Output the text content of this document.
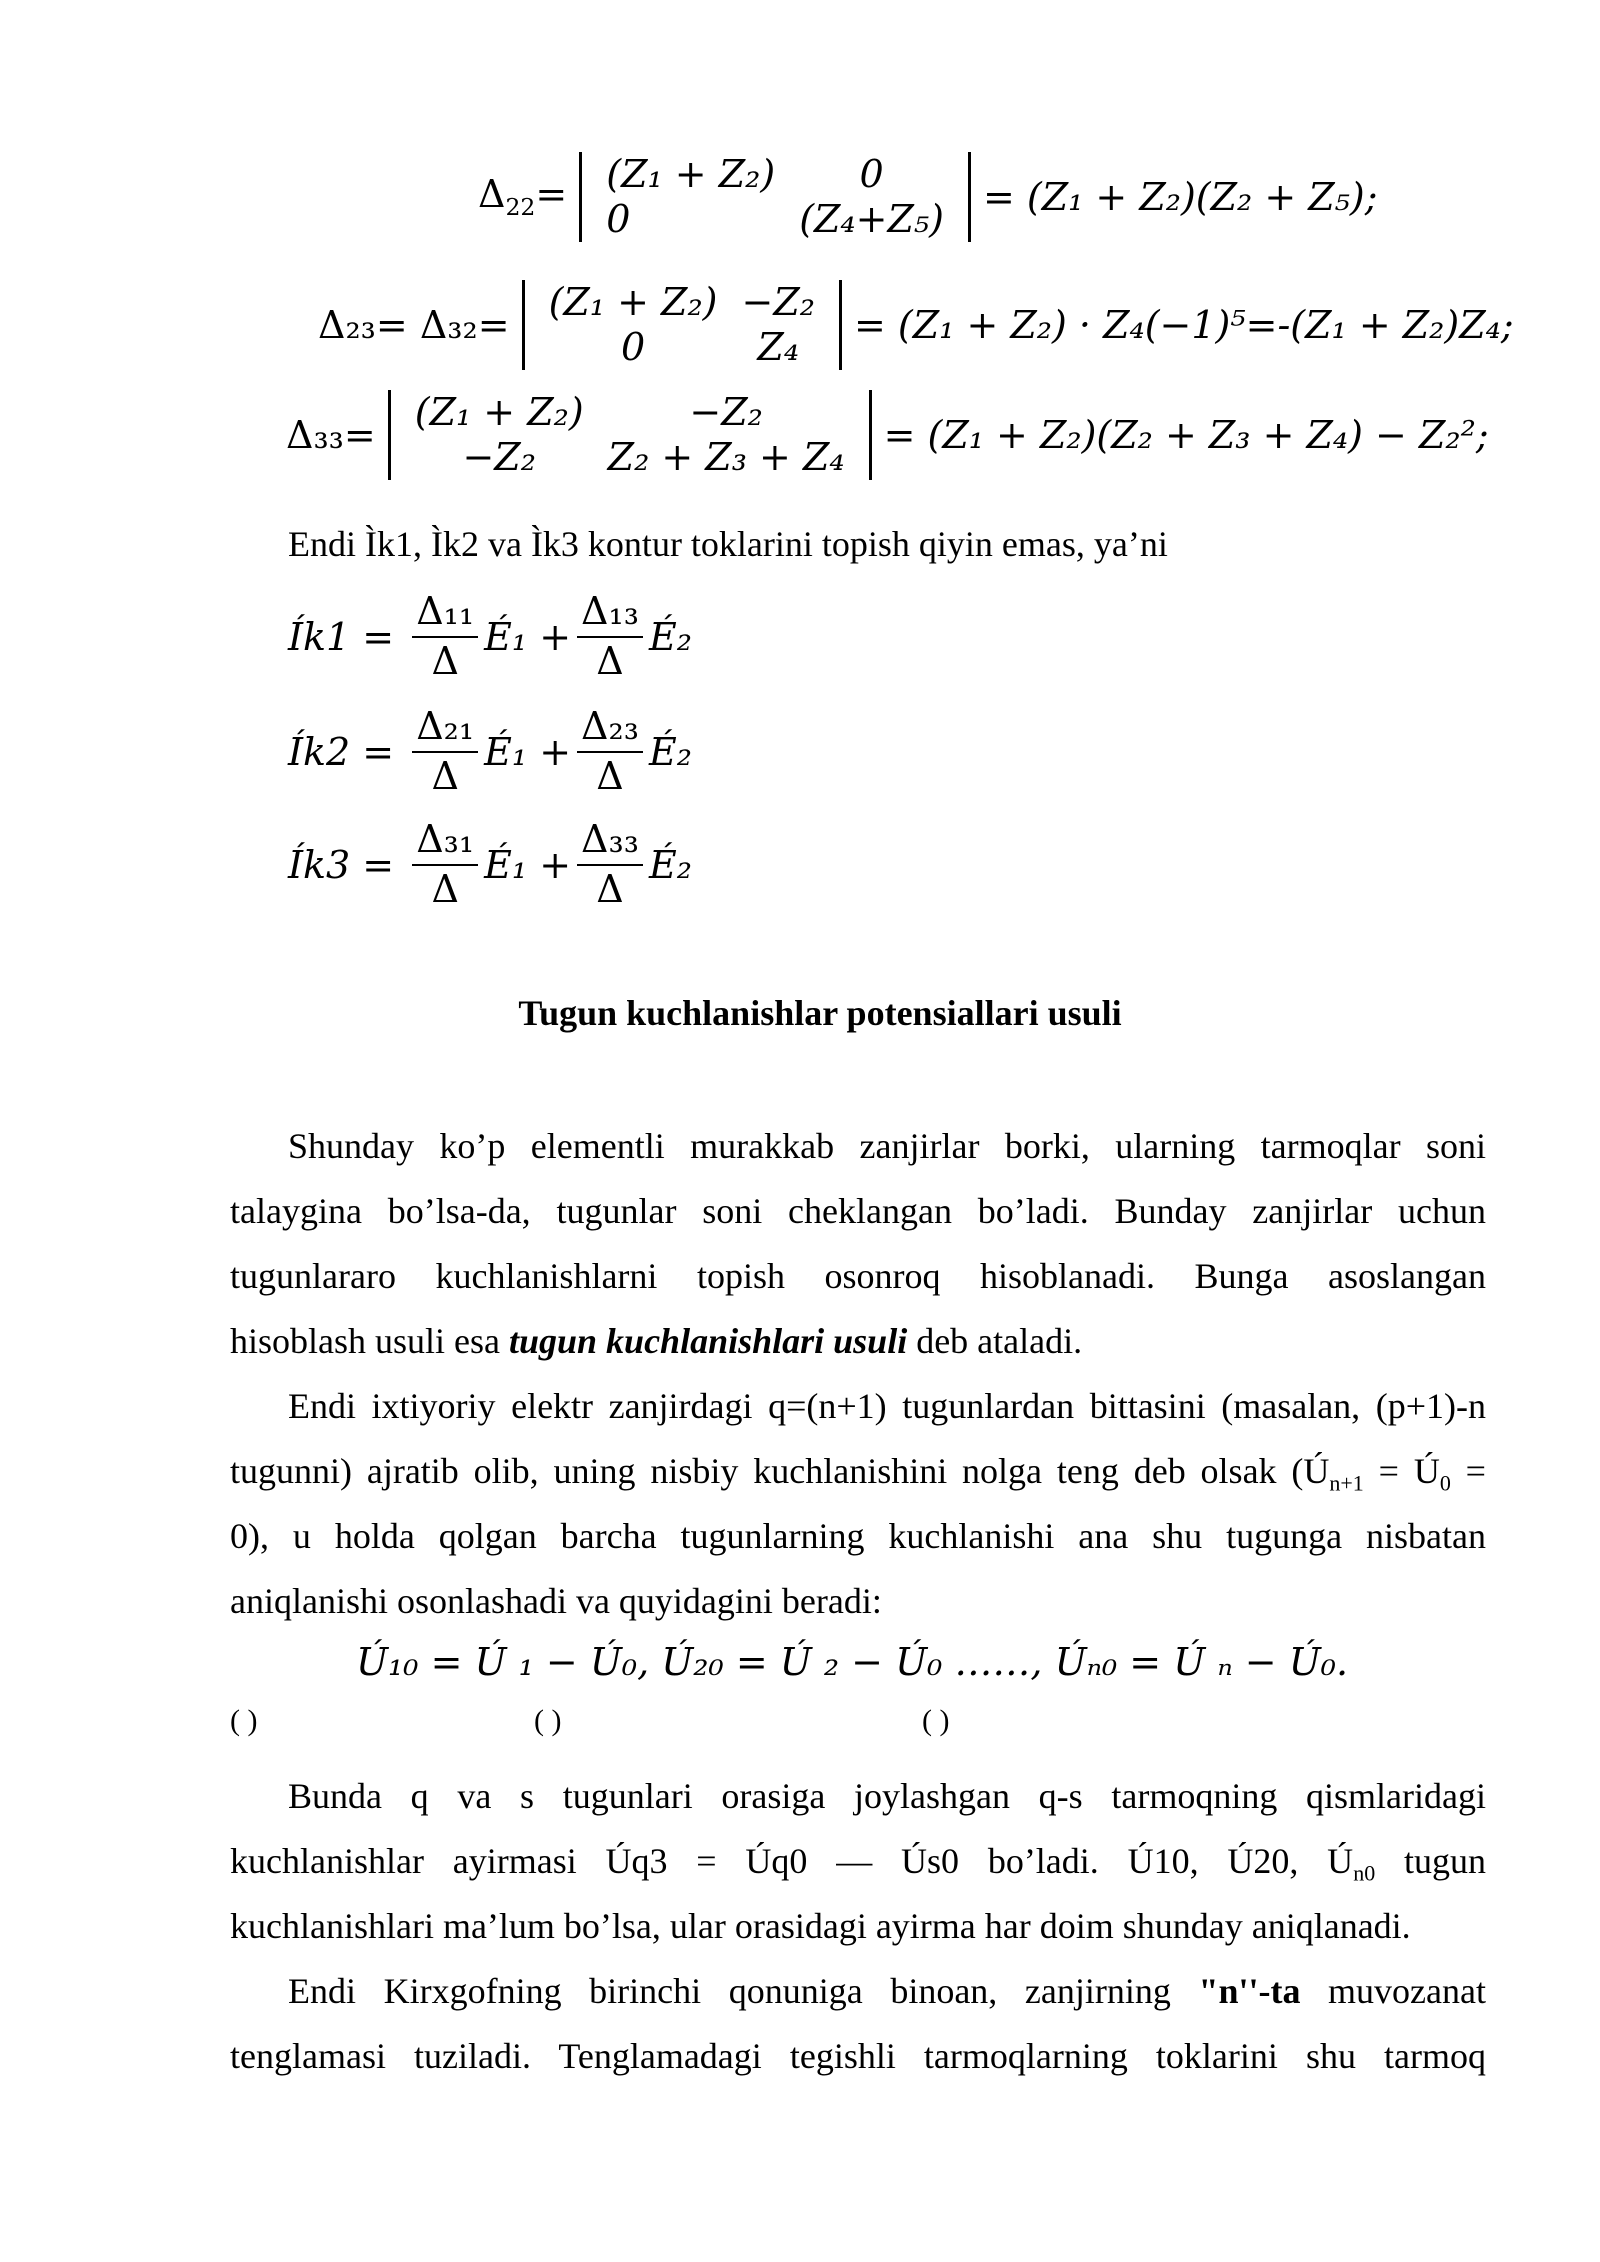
$\Delta_{22}= (Z_1 + Z_2)$	0
0	(Z₄+Z₅) = (Z₁ + Z₂)(Z₂ + Z₅);
Δ₂₃= Δ₃₂=
(Z₁ + Z₂)	−Z₂
0	Z₄ = (Z₁ + Z₂) · Z₄(−1)⁵=-(Z₁ + Z₂)Z₄;
Δ₃₃=
(Z₁ + Z₂)	−Z₂
−Z₂	Z₂ + Z₃ + Z₄ = (Z₁ + Z₂)(Z₂ + Z₃ + Z₄) − Z₂²;
Endi Ìk1, Ìk2 va Ìk3 kontur toklarini topish qiyin emas, ya’ni
Ík1 = $\frac{\text{Δ₁₁}}{\Delta}$ É₁ + $\frac{\text{Δ₁₃}}{\Delta}$ É₂
Ík2 = $\frac{\text{Δ₂₁}}{\Delta}$ É₁ + $\frac{\text{Δ₂₃}}{\Delta}$ É₂
Ík3 = $\frac{\text{Δ₃₁}}{\Delta}$ É₁ + $\frac{\text{Δ₃₃}}{\Delta}$ É₂
Tugun kuchlanishlar potensiallari usuli
Shunday ko’p elementli murakkab zanjirlar borki, ularning tarmoqlar soni
talaygina bo’lsa-da, tugunlar soni cheklangan bo’ladi. Bunday zanjirlar uchun
tugunlararo kuchlanishlarni topish osonroq hisoblanadi. Bunga asoslangan
hisoblash usuli esa tugun kuchlanishlari usuli deb ataladi.
Endi ixtiyoriy elektr zanjirdagi q=(n+1) tugunlardan bittasini (masalan, (p+1)-n
tugunni) ajratib olib, uning nisbiy kuchlanishini nolga teng deb olsak ($Ú_{n+1}$ = $Ú_0$ =
0), u holda qolgan barcha tugunlarning kuchlanishi ana shu tugunga nisbatan
aniqlanishi osonlashadi va quyidagini beradi:
Ú₁₀ = Ú ₁ − Ú₀, Ú₂₀ = Ú ₂ − Ú₀ ……, Úₙ₀ = Ú ₙ − Ú₀.
( )	( )	( )
Bunda q va s tugunlari orasiga joylashgan q-s tarmoqning qismlaridagi
kuchlanishlar ayirmasi Úq3 = Úq0 — Ús0 bo’ladi. Ú10, Ú20, $Ú_{n0}$ tugun
kuchlanishlari ma’lum bo’lsa, ular orasidagi ayirma har doim shunday aniqlanadi.
Endi Kirxgofning birinchi qonuniga binoan, zanjirning "n''-ta muvozanat
tenglamasi tuziladi. Tenglamadagi tegishli tarmoqlarning toklarini shu tarmoq
